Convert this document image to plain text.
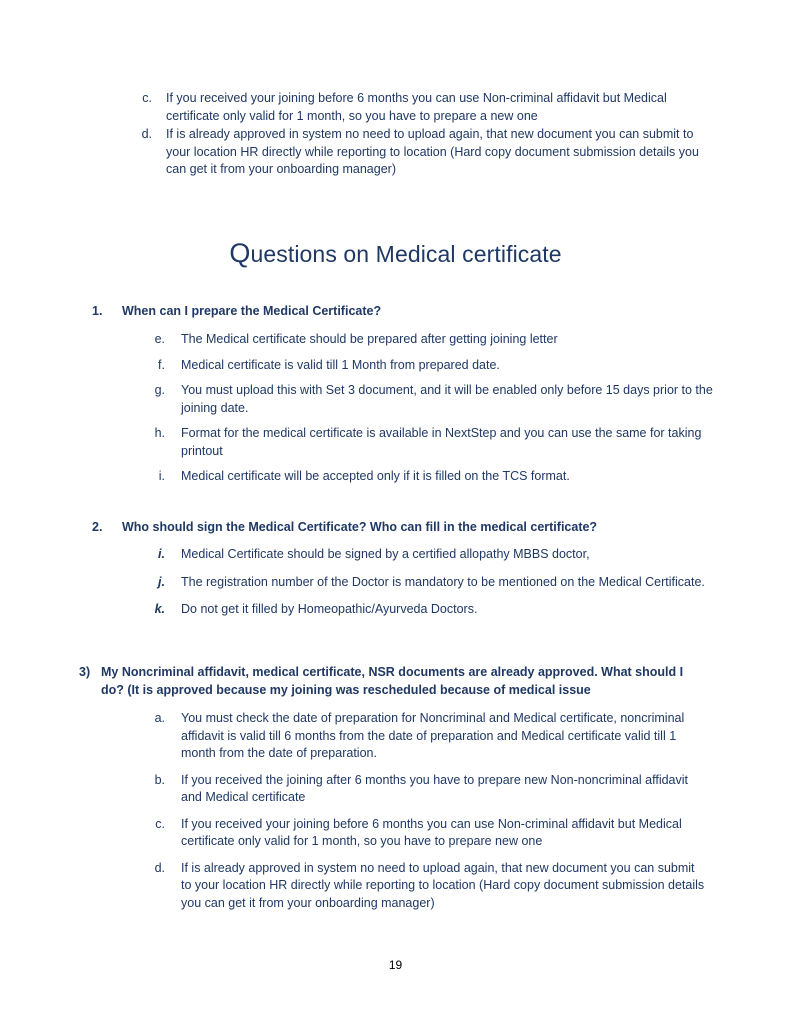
c.	If you received your joining before 6 months you can use Non-criminal affidavit but Medical certificate only valid for 1 month, so you have to prepare a new one
d.	If is already approved in system no need to upload again, that new document you can submit to your location HR directly while reporting to location (Hard copy document submission details you can get it from your onboarding manager)
Questions on Medical certificate
1.	When can I prepare the Medical Certificate?
e.	The Medical certificate should be prepared after getting joining letter
f.	Medical certificate is valid till 1 Month from prepared date.
g.	You must upload this with Set 3 document, and it will be enabled only before 15 days prior to the joining date.
h.	Format for the medical certificate is available in NextStep and you can use the same for taking printout
i.	Medical certificate will be accepted only if it is filled on the TCS format.
2.	Who should sign the Medical Certificate? Who can fill in the medical certificate?
i.	Medical Certificate should be signed by a certified allopathy MBBS doctor,
j.	The registration number of the Doctor is mandatory to be mentioned on the Medical Certificate.
k.	Do not get it filled by Homeopathic/Ayurveda Doctors.
3) My Noncriminal affidavit, medical certificate, NSR documents are already approved. What should I do? (It is approved because my joining was rescheduled because of medical issue
a.	You must check the date of preparation for Noncriminal and Medical certificate, noncriminal affidavit is valid till 6 months from the date of preparation and Medical certificate valid till 1 month from the date of preparation.
b.	If you received the joining after 6 months you have to prepare new Non-noncriminal affidavit and Medical certificate
c.	If you received your joining before 6 months you can use Non-criminal affidavit but Medical certificate only valid for 1 month, so you have to prepare new one
d.	If is already approved in system no need to upload again, that new document you can submit to your location HR directly while reporting to location (Hard copy document submission details you can get it from your onboarding manager)
19
